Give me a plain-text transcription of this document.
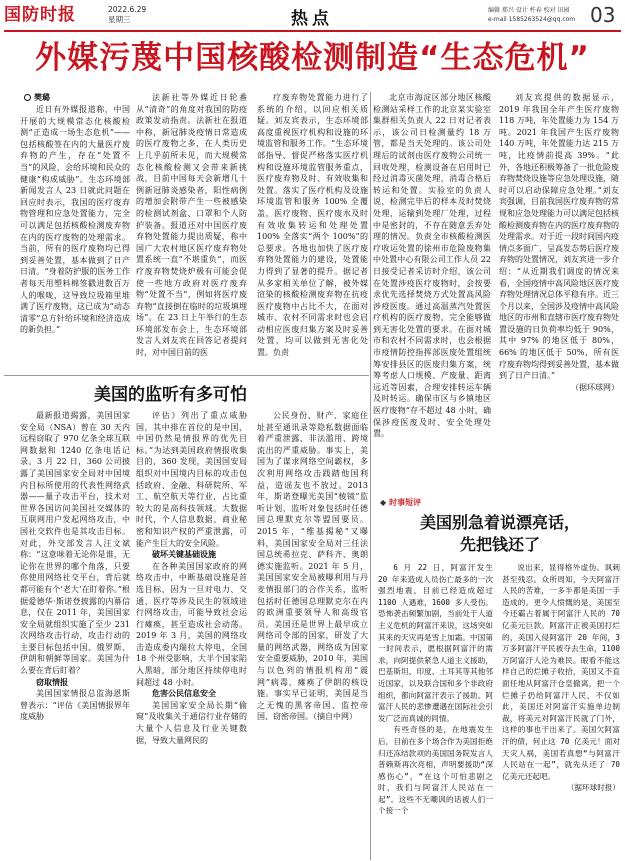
国防时报	2022.6.29
星期三	热点	编辑 郑兴 设计 杵春 校对 田园
e-mail 1585263524@qq.com 03
外媒污蔑中国核酸检测制造“生态危机”
樊璐

近日有外媒报道称，中国开展的大规模常态化核酸检测“正造成一场生态危机”——包括核酸签在内的大量医疗废弃物的产生，存在“处置不当”的风险，会给环境和民众的健康“构成威胁”。生态环境部新闻发言人 23 日就此问题在回应时表示，我国的医疗废弃物管理和应急处置能力，完全可以满足包括核酸检测废弃物在内的医疗废物的处理需求。当前，所有的医疗废物均已得到妥善处置，基本做到了日产日清。“身着防护服的医务工作者每天用塑料棉签戳进数百万人的喉咙，这导致垃圾箱里堆满了医疗废物，这已成为“动态清零”总方针给环境和经济造成的新负担。”

法新社等外媒近日轮番从“清奇”的角度对我国的防疫政策发动指责。法新社在报道中称，新冠肺炎疫情日常造成的医疗废物之多，在人类历史上几乎前所未见，而大规模常态化核酸检测又会带来新挑战，目前中国每天会新增几十例新冠肺炎感染者，阳性病例的增加会附带产生一些被感染的检测试剂盒、口罩和个人防护装备。报道还对中国医疗废弃物处置能力提出质疑，称中国广大农村地区医疗废弃物处置系统一直“不堪重负”，而医疗废弃物焚烧炉极有可能会促使一些地方政府对医疗废弃物“处置不当”，例如将医疗废弃物“直接倒在临时的垃圾填埋场”。在 23 日上午举行的生态环境部发布会上，生态环境部发言人刘友宾在回答记者提问时，对中国目前的医

疗废弃物处置能力进行了系统的介绍，以回应相关质疑。刘友宾表示，生态环境部高度重视医疗机构和设施的环境监管和服务工作。“生态环境部指导、督促严格落实医疗机构和设施环境监管服务重点，医疗废弃物及时、有效收集和处置。落实了医疗机构及设施环境监管和服务 100% 全覆盖，医疗废物、医疗废水及时有效收集转运和处理处置 100% 全落实“两个 100%”的总要求。各地也加快了医疗废弃物处置能力的建设，处置能力得到了显著的提升。据记者从多家相关单位了解，被外媒渲染的核酸检测废弃物在抗疫医疗废物中占比不大，在面对城市、农村不同需求时也会启动相应医废归集方案及时妥善处置，均可以做到无害化处置。负责

北京市海淀区部分地区核酸检测站采样工作的北京某实验室集群相关负责人 22 日对记者表示，该公司日检测量约 18 万管，都是当天处理的。该公司处理后的试剂由医疗废物公司统一回收处理，检测设备在启用时已经过消毒灭菌处理，消毒合格后转运和处置。实验室的负责人说，检测完毕后的样本及时焚烧处理，运输到处理厂处理，过程中是密封的，不存在随意丢弃处理的情况。负责全市核酸检测医疗收运处置的徐州市危险废物集中处置中心有限公司工作人员 22 日接受记者采访时介绍，该公司在处置涉疫医疗废物时，会按要求优先选择焚烧方式处置高风险涉疫医废。通过高温蒸汽处置医疗机构的医疗废物，完全能够做到无害化处置的要求。在面对城市和农村不同需求时，也会根据市疫情防控指挥部医废处置组统筹安排县区的医废归集方案，统筹考虑人口规模、产废量、距离远近等因素，合理安排转运车辆及时转运。确保市区与乡镇地区医疗废物“存不超过 48 小时，确保涉疫医废及时、安全处理处置。

刘友宾提供的数据显示，2019 年我国全年产生医疗废物 118 万吨，年处置能力为 154 万吨。2021 年我国产生医疗废物 140 万吨，年处置能力达 215 万吨，比疫情前提高 39%。“此外，各地还积极筹备了一批危险废弃物焚烧设施等应急处理设施，随时可以启动保障应急处理。”刘友宾强调，目前我国医疗废弃物的常规和应急处理能力可以满足包括核酸检测废弃物在内的医疗废弃物的处理需求。对于近一段时间国内疫情点多面广、呈高发态势后医疗废弃物的处置情况，刘友宾进一步介绍：“从近期我们调度的情况来看，全国疫情中高风险地区医疗废弃物处理情况总体平稳有序。近三个月以来，全国涉及疫情中高风险地区的市州和直辖市医疗废弃物处置设施的日负荷率均低于 90%，其中 97% 的地区低于 80%，66% 的地区低于 50%，所有医疗废弃物均得到妥善处置，基本做到了日产日清。”

（据环球网）
美国的监听有多可怕

最新报道揭露，美国国家安全局（NSA）曾在 30 天内远程窃取了 970 亿条全球互联网数据和 1240 亿条电话记录。3 月 22 日，360 公司披露了美国国家安全局对中国境内目标所使用的代表性网络武器——量子攻击平台，技术对世界各国访问美国社交媒体的互联网用户发起网络攻击，中国社交软件也是其攻击目标。对此，外交部发言人汪文斌称：“这意味着无论你是谁，无论你在世界的哪个角落，只要你使用网络社交平台，背后就都可能有个‘老大’在盯着你。”根据爱德华·斯诺登披露的内幕信息，仅在 2011 年，美国国家安全局就组织实施了至少 231 次网络攻击行动，攻击行动的主要目标包括中国、俄罗斯、伊朗和朝鲜等国家。美国为什么要在背后盯着？

窃取情报

美国国家情报总监海恩斯曾表示：“评估《美国情报界年度威胁

评估》列出了重点威胁国，其中排在首位的是中国，中国仍然是情报界的优先目标。”为达到美国政府情报收集目的，360 发现，美国国安局组织对中国境内目标的攻击包括政府、金融、科研院所、军工、航空航天等行业，占比重较大的是高科技领域。大数据时代，个人信息数据、商业秘密和知识产权的严重泄露，可能产生巨大的安全风险。

破坏关键基础设施

在各种美国国家政府的网络攻击中，中断基础设施是首选目标，因为一旦对电力、交通、医疗等涉及民生的领域进行网络攻击，可能导致社会运行瘫痪，甚至造成社会动荡。2019 年 3 月，美国的网络攻击造成委内瑞拉大停电，全国 18 个州受影响，大半个国家陷入黑暗，部分地区持续停电时间超过 48 小时。

危害公民信息安全

美国国家安全局长期“偷窥”及收集关于通信行业存储的大量个人信息及行业关键数据，导致大量网民的

公民身份、财产、家庭住址甚至通讯录等隐私数据面临着严重泄露、非法滥用、跨境流出的严重威胁。事实上，美国为了谋求网络空间霸权，多次利用网络攻击践踏他国利益，造谣友也不放过。2013 年，斯诺登曝光美国“棱镜”监听计划，监听对象包括时任德国总理默克尔等盟国要员。2015 年，“维基揭秘”又曝料，美国国家安全局对三任法国总统希拉克、萨科齐、奥朗德实施监听。2021 年 5 月，美国国家安全局被曝利用与丹麦情报部门的合作关系，监听包括时任德国总理默克尔在内的欧洲重要领导人和高级官员。美国还是世界上最早成立网络司令部的国家，研发了大量的网络武器，网络成为国家安全重要威胁，2010 年，美国与以色列的情报机构用“震网”病毒，瘫痪了伊朗的核设施。事实早已证明，美国是当之无愧的黑客帝国、监控帝国、窃密帝国。（摘自中网）

◆ 时事短评
美国别急着说漂亮话，
先把钱还了

6 月 22 日，阿富汗发生 20 年来造成人员伤亡最多的一次强烈地震，目前已经造成超过 1100 人遇难，1600 多人受伤。恐怖袭击频繁加剧，当前处于人道主义危机的阿富汗来说，这场突如其来的天灾再是雪上加霜。中国第一时间表示，愿根据阿富汗的需求，向阿提供紧急人道主义援助，巴基斯坦、印度、土耳其等其他邻近国家，以及联合国和多个非政府组织，都向阿富汗表示了援助。阿富汗人民的悲惨遭遇在国际社会引发广泛而真诚的同情。

有些奇怪的是，在地震发生后，目前在多个场合作为美国拒绝归还冻结款项的美国国务院发言人普赖斯再次亮相，声明要援助“深感伤心”，“在这个可怕悲剧之时，我们与阿富汗人民站在一起”。这些不无嘲讽的话被人们一个接一个

说出来，显得格外虚伪。讽刺甚至残忍。众所周知，今天阿富汗人民的苦难，一多半都是美国一手造成的。更令人愤慨的是，美国至今还霸占着属于阿富汗人民的 70 亿美元巨款。阿富汗正被美国打烂的，美国入侵阿富汗 20 年间，3 万多阿富汗平民被夺去生命，1100 万阿富汗人沦为难民。眼看不能这样自己的烂摊子收拾，美国又不直面任地从阿富汗仓皇撤离，把一个烂摊子扔给阿富汗人民，不仅如此，美国还对阿富汗实施单边制裁，将美元对阿富汗民就了门外，这样的事也干出来了。美国欠阿富汗的债，何止这 70 亿美元！面对天灾人祸，美国若真想“与阿富汗人民站在一起”，就先从还了 70 亿美元还起吧。

（据环球时报）
